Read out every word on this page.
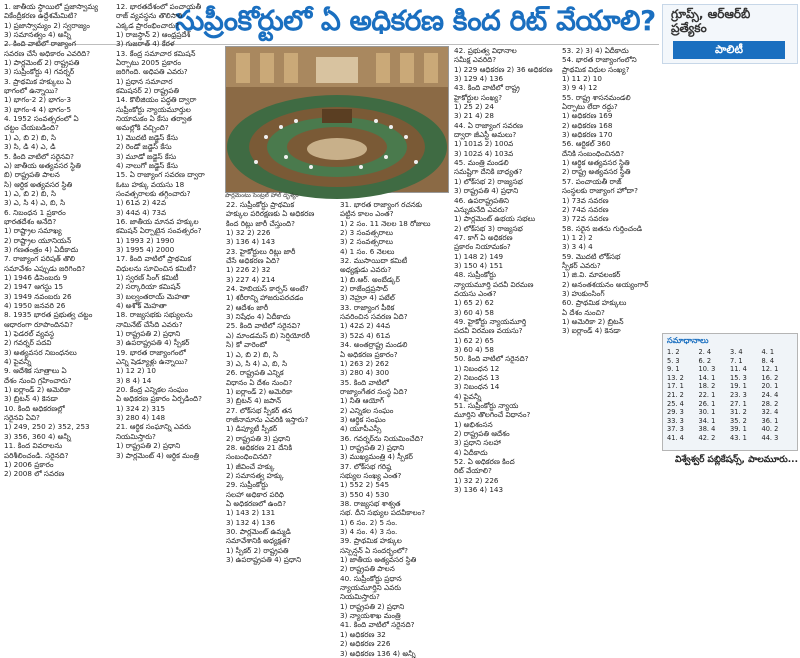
సుప్రీంకోర్టులో ఏ అధికరణ కింద రిట్ వేయాలి? గ్రూప్స్, ఆర్ఆర్‌బీ
ప్రత్యేకం
పాలిటీ
1. జాతీయ స్థాయిలో ప్రజాస్వామ్య
వికేంద్రీకరణ ఉద్దేశమేమిటి?
1) ప్రజాస్వామ్యం 2) స్వరాజ్యం
3) సమానత్వం 4) అన్నీ
2. కింది వాటిలో రాజ్యాంగ
సవరణ చేసే అధికారం ఎవరిది?
1) పార్లమెంట్ 2) రాష్ట్రపతి
3) సుప్రీంకోర్టు 4) గవర్నర్
3. ప్రాథమిక హక్కులు ఏ
భాగంలో ఉన్నాయి?
1) భాగం-2 2) భాగం-3
3) భాగం-4 4) భాగం-5
4. 1952 సంవత్సరంలో ఏ
చట్టం చేయబడింది?
1) ఎ, బి 2) బి, సి
3) సి, డి 4) ఎ, డి
5. కింది వాటిలో సరైనవి?
ఎ) జాతీయ అత్యవసర స్థితి
బి) రాష్ట్రపతి పాలన
సి) ఆర్థిక అత్యవసర స్థితి
1) ఎ, బి 2) బి, సి
3) ఎ, సి 4) ఎ, బి, సి
6. నిబంధన 1 ప్రకారం
భారతదేశం అనేది?
1) రాష్ట్రాల సమాఖ్య
2) రాష్ట్రాల యూనియన్
3) గణతంత్రం 4) ఏదీకాదు
7. రాజ్యాంగ పరిషత్ తొలి
సమావేశం ఎప్పుడు జరిగింది?
1) 1946 డిసెంబరు 9
2) 1947 ఆగస్టు 15
3) 1949 నవంబరు 26
4) 1950 జనవరి 26
8. 1935 భారత ప్రభుత్వ చట్టం
ఆధారంగా రూపొందినవి?
1) ఫెడరల్ వ్యవస్థ
2) గవర్నర్ పదవి
3) అత్యవసర నిబంధనలు
4) పైవన్నీ
9. ఆదేశిక సూత్రాలు ఏ
దేశం నుంచి గ్రహించారు?
1) ఐర్లాండ్ 2) అమెరికా
3) బ్రిటన్ 4) కెనడా
10. కింది అధికరణల్లో
సరైనవి ఏవి?
1) 249, 250 2) 352, 253
3) 356, 360 4) అన్నీ
11. కింద వివరాలను
పరిశీలించండి. సరైనది?
1) 2006 ప్రకారం
2) 2008 లో సవరణ
12. భారతదేశంలో పంచాయతీ
రాజ్ వ్యవస్థను తొలిసారి
ఎక్కడ ప్రారంభించారు?
1) రాజస్థాన్ 2) ఆంధ్రప్రదేశ్
3) గుజరాత్ 4) కేరళ
13. కేంద్ర సమాచార కమిషన్
ఏర్పాటు 2005 ప్రకారం
జరిగింది. అధిపతి ఎవరు?
1) ప్రధాన సమాచార
కమిషనర్ 2) రాష్ట్రపతి
14. కొలీజియం పద్ధతి ద్వారా
సుప్రీంకోర్టు న్యాయమూర్తుల
నియామకం ఏ కేసు తర్వాత
అమల్లోకి వచ్చింది?
1) మొదటి జడ్జెస్ కేసు
2) రెండో జడ్జెస్ కేసు
3) మూడో జడ్జెస్ కేసు
4) నాలుగో జడ్జెస్ కేసు
15. ఏ రాజ్యాంగ సవరణ ద్వారా
ఓటు హక్కు వయసు 18
సంవత్సరాలకు తగ్గించారు?
1) 61వ 2) 42వ
3) 44వ 4) 73వ
16. జాతీయ మానవ హక్కుల
కమిషన్ ఏర్పాటైన సంవత్సరం?
1) 1993 2) 1990
3) 1995 4) 2000
17. కింది వాటిలో ప్రాథమిక
విధులను సూచించిన కమిటీ?
1) స్వరణ్ సింగ్ కమిటీ
2) సర్కారియా కమిషన్
3) బల్వంతరాయ్ మెహతా
4) అశోక్ మెహతా
18. రాజ్యసభకు సభ్యులను
నామినేట్ చేసేది ఎవరు?
1) రాష్ట్రపతి 2) ప్రధాని
3) ఉపరాష్ట్రపతి 4) స్పీకర్
19. భారత రాజ్యాంగంలో
ఎన్ని షెడ్యూళ్లు ఉన్నాయి?
1) 12 2) 10
3) 8 4) 14
20. కేంద్ర ఎన్నికల సంఘం
ఏ అధికరణ ప్రకారం ఏర్పడింది?
1) 324 2) 315
3) 280 4) 148
21. ఆర్థిక సంఘాన్ని ఎవరు
నియమిస్తారు?
1) రాష్ట్రపతి 2) ప్రధాని
3) పార్లమెంట్ 4) ఆర్థిక మంత్రి
22. సుప్రీంకోర్టు ప్రాథమిక
హక్కుల పరిరక్షణకు ఏ అధికరణ
కింద రిట్లు జారీ చేస్తుంది?
1) 32 2) 226
3) 136 4) 143
23. హైకోర్టులు రిట్లు జారీ
చేసే అధికరణ ఏది?
1) 226 2) 32
3) 227 4) 214
24. హెబియస్ కార్పస్ అంటే?
1) శరీరాన్ని హాజరుపరచడం
2) ఆదేశం జారీ
3) నిషేధం 4) ఏదీకాదు
25. కింది వాటిలో సరైనవి?
ఎ) మాండమస్ బి) సెర్షియోరరీ
సి) కో వారెంటో
1) ఎ, బి 2) బి, సి
3) ఎ, సి 4) ఎ, బి, సి
26. రాష్ట్రపతి ఎన్నిక
విధానం ఏ దేశం నుంచి?
1) ఐర్లాండ్ 2) అమెరికా
3) బ్రిటన్ 4) జపాన్
27. లోక్‌సభ స్పీకర్ తన
రాజీనామాను ఎవరికి ఇస్తారు?
1) డిప్యూటీ స్పీకర్
2) రాష్ట్రపతి 3) ప్రధాని
28. అధికరణ 21 దేనికి
సంబంధించినది?
1) జీవించే హక్కు
2) సమానత్వ హక్కు
29. సుప్రీంకోర్టు
సలహా అధికార పరిధి
ఏ అధికరణలో ఉంది?
1) 143 2) 131
3) 132 4) 136
30. పార్లమెంట్ ఉమ్మడి
సమావేశానికి అధ్యక్షత?
1) స్పీకర్ 2) రాష్ట్రపతి
3) ఉపరాష్ట్రపతి 4) ప్రధాని
31. భారత రాజ్యాంగ రచనకు
పట్టిన కాలం ఎంత?
1) 2 సం. 11 నెలల 18 రోజులు
2) 3 సంవత్సరాలు
3) 2 సంవత్సరాలు
4) 1 సం. 6 నెలలు
32. ముసాయిదా కమిటీ
అధ్యక్షుడు ఎవరు?
1) బి.ఆర్. అంబేడ్కర్
2) రాజేంద్రప్రసాద్
3) నెహ్రూ 4) పటేల్
33. రాజ్యాంగ పీఠిక
సవరించిన సవరణ ఏది?
1) 42వ 2) 44వ
3) 52వ 4) 61వ
34. అంతర్రాష్ట్ర మండలి
ఏ అధికరణ ప్రకారం?
1) 263 2) 262
3) 280 4) 300
35. కింది వాటిలో
రాజ్యాంగేతర సంస్థ ఏది?
1) నీతి ఆయోగ్
2) ఎన్నికల సంఘం
3) ఆర్థిక సంఘం
4) యూపీఎస్సీ
36. గవర్నర్‌ను నియమించేది?
1) రాష్ట్రపతి 2) ప్రధాని
3) ముఖ్యమంత్రి 4) స్పీకర్
37. లోక్‌సభ గరిష్ఠ
సభ్యుల సంఖ్య ఎంత?
1) 552 2) 545
3) 550 4) 530
38. రాజ్యసభ శాశ్వత
సభ. దీని సభ్యుల పదవీకాలం?
1) 6 సం. 2) 5 సం.
3) 4 సం. 4) 3 సం.
39. ప్రాథమిక హక్కుల
సస్పెన్షన్ ఏ సందర్భంలో?
1) జాతీయ అత్యవసర స్థితి
2) రాష్ట్రపతి పాలన
40. సుప్రీంకోర్టు ప్రధాన
న్యాయమూర్తిని ఎవరు
నియమిస్తారు?
1) రాష్ట్రపతి 2) ప్రధాని
3) న్యాయశాఖ మంత్రి
41. కింది వాటిలో సరైనది?
1) అధికరణ 32
2) అధికరణ 226
3) అధికరణ 136 4) అన్నీ
42. ప్రభుత్వ విధానాల
సమీక్ష ఎవరిది?
1) 229 ఆధికరణ 2) 36 అధికరణ
3) 129 4) 136
43. కింది వాటిలో రాష్ట్ర
హైకోర్టుల సంఖ్య?
1) 25 2) 24
3) 21 4) 28
44. ఏ రాజ్యాంగ సవరణ
ద్వారా జీఎస్టీ అమలు?
1) 101వ 2) 100వ
3) 102వ 4) 103వ
45. మంత్రి మండలి
సమష్టిగా దేనికి బాధ్యత?
1) లోక్‌సభ 2) రాజ్యసభ
3) రాష్ట్రపతి 4) ప్రధాని
46. ఉపరాష్ట్రపతిని
ఎన్నుకునేది ఎవరు?
1) పార్లమెంట్ ఉభయ సభలు
2) లోక్‌సభ 3) రాజ్యసభ
47. కాగ్ ఏ అధికరణ
ప్రకారం నియామకం?
1) 148 2) 149
3) 150 4) 151
48. సుప్రీంకోర్టు
న్యాయమూర్తి పదవీ విరమణ
వయసు ఎంత?
1) 65 2) 62
3) 60 4) 58
49. హైకోర్టు న్యాయమూర్తి
పదవీ విరమణ వయసు?
1) 62 2) 65
3) 60 4) 58
50. కింది వాటిలో సరైనది?
1) నిబంధన 12
2) నిబంధన 13
3) నిబంధన 14
4) పైవన్నీ
51. సుప్రీంకోర్టు న్యాయ
మూర్తిని తొలగించే విధానం?
1) అభిశంసన
2) రాష్ట్రపతి ఆదేశం
3) ప్రధాని సలహా
4) ఏదీకాదు
52. ఏ అధికరణ కింద
రిట్ వేయాలి?
1) 32 2) 226
3) 136 4) 143
53. 2) 3) 4) ఏదీకాదు
54. భారత రాజ్యాంగంలోని
ప్రాథమిక విధుల సంఖ్య?
1) 11 2) 10
3) 9 4) 12
55. రాష్ట్ర శాసనమండలి
ఏర్పాటు లేదా రద్దు?
1) అధికరణ 169
2) అధికరణ 168
3) అధికరణ 170
56. ఆర్టికల్ 360
దేనికి సంబంధించినది?
1) ఆర్థిక అత్యవసర స్థితి
2) రాష్ట్ర అత్యవసర స్థితి
57. పంచాయతీ రాజ్
సంస్థలకు రాజ్యాంగ హోదా?
1) 73వ సవరణ
2) 74వ సవరణ
3) 72వ సవరణ
58. సరైన జతను గుర్తించండి
1) 1 2) 2
3) 3 4) 4
59. మొదటి లోక్‌సభ
స్పీకర్ ఎవరు?
1) జి.వి. మావలంకర్
2) అనంతశయనం అయ్యంగార్
3) హుకుంసింగ్
60. ప్రాథమిక హక్కులు
ఏ దేశం నుంచి?
1) అమెరికా 2) బ్రిటన్
3) ఐర్లాండ్ 4) కెనడా
పార్లమెంటు సెంట్రల్ హాల్ దృశ్యం
సమాధానాలు
1. 2	2. 4	3. 4	4. 1
5. 3	6. 2	7. 1	8. 4
9. 1	10. 3	11. 4	12. 1
13. 2	14. 1	15. 3	16. 2
17. 1	18. 2	19. 1	20. 1
21. 2	22. 1	23. 3	24. 4
25. 4	26. 1	27. 1	28. 2
29. 3	30. 1	31. 2	32. 4
33. 3	34. 1	35. 2	36. 1
37. 3	38. 4	39. 1	40. 2
41. 4	42. 2	43. 1	44. 3
విశ్వేశ్వర్ పబ్లికేషన్స్, పాలమూరు...
